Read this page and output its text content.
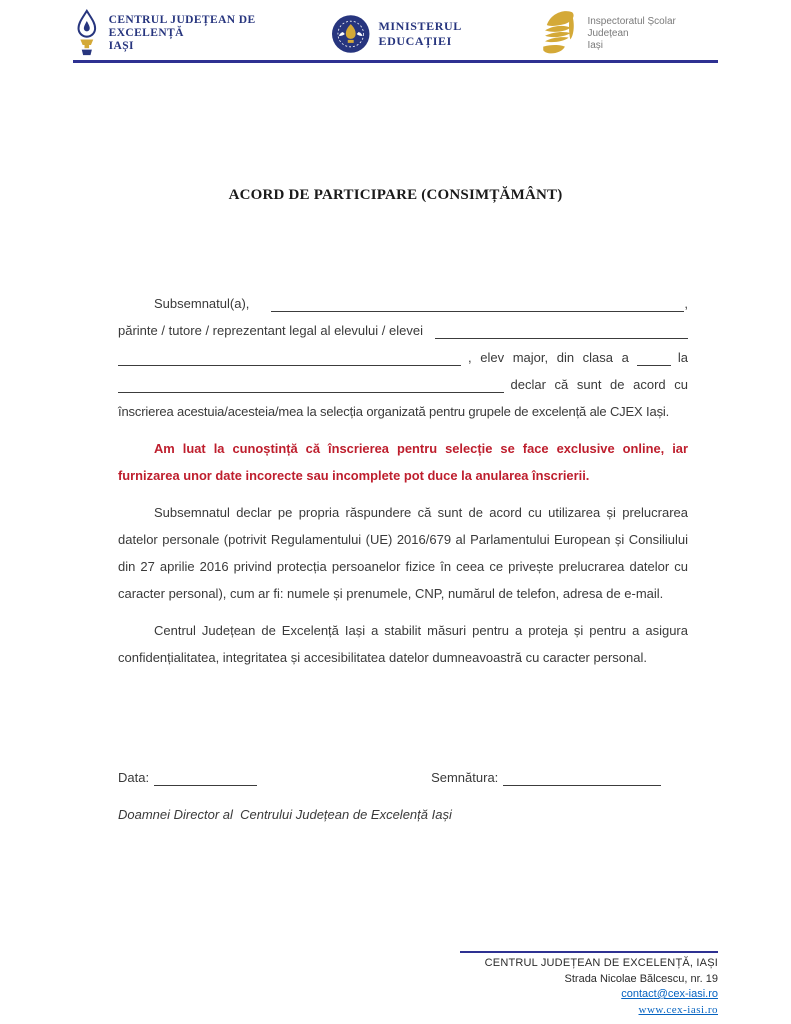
CENTRUL JUDEȚEAN DE EXCELENȚĂ
IAȘI
MINISTERUL EDUCAȚIEI
Inspectoratul Școlar Județean
Iași
ACORD DE PARTICIPARE (CONSIMȚĂMÂNT)
Subsemnatul(a),	,
părinte / tutore / reprezentant legal al elevului / elevei
, elev major, din clasa a	la
declar că sunt de acord cu
înscrierea acestuia/acesteia/mea la selecția organizată pentru grupele de excelență ale CJEX Iași.

Am luat la cunoștință că înscrierea pentru selecție se face exclusive online, iar furnizarea unor date incorecte sau incomplete pot duce la anularea înscrierii.

Subsemnatul declar pe propria răspundere că sunt de acord cu utilizarea și prelucrarea datelor personale (potrivit Regulamentului (UE) 2016/679 al Parlamentului European și Consiliului din 27 aprilie 2016 privind protecția persoanelor fizice în ceea ce privește prelucrarea datelor cu caracter personal), cum ar fi: numele și prenumele, CNP, numărul de telefon, adresa de e-mail.

Centrul Județean de Excelență Iași a stabilit măsuri pentru a proteja și pentru a asigura confidențialitatea, integritatea și accesibilitatea datelor dumneavoastră cu caracter personal.

Data:	Semnătura:

Doamnei Director al  Centrului Județean de Excelență Iași

CENTRUL JUDEȚEAN DE EXCELENȚĂ, IAȘI
Strada Nicolae Bălcescu, nr. 19
contact@cex-iasi.ro
www.cex-iasi.ro
